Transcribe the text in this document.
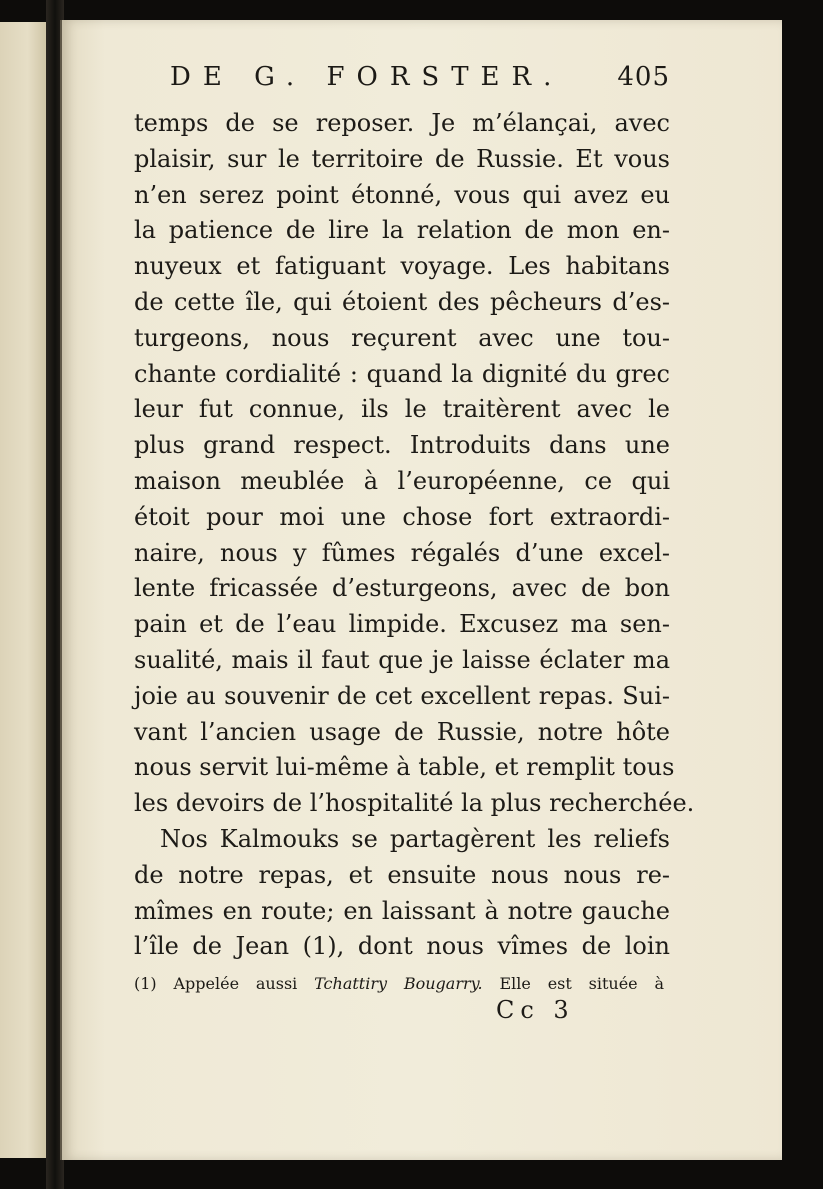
DE G. FORSTER. 405
temps de se reposer. Je m’élançai, avec
plaisir, sur le territoire de Russie. Et vous
n’en serez point étonné, vous qui avez eu
la patience de lire la relation de mon en-
nuyeux et fatiguant voyage. Les habitans
de cette île, qui étoient des pêcheurs d’es-
turgeons, nous reçurent avec une tou-
chante cordialité : quand la dignité du grec
leur fut connue, ils le traitèrent avec le
plus grand respect. Introduits dans une
maison meublée à l’européenne, ce qui
étoit pour moi une chose fort extraordi-
naire, nous y fûmes régalés d’une excel-
lente fricassée d’esturgeons, avec de bon
pain et de l’eau limpide. Excusez ma sen-
sualité, mais il faut que je laisse éclater ma
joie au souvenir de cet excellent repas. Sui-
vant l’ancien usage de Russie, notre hôte
nous servit lui-même à table, et remplit tous
les devoirs de l’hospitalité la plus recherchée.
Nos Kalmouks se partagèrent les reliefs
de notre repas, et ensuite nous nous re-
mîmes en route; en laissant à notre gauche
l’île de Jean (1), dont nous vîmes de loin
(1) Appelée aussi Tchattiry Bougarry. Elle est située à
Cc 3
